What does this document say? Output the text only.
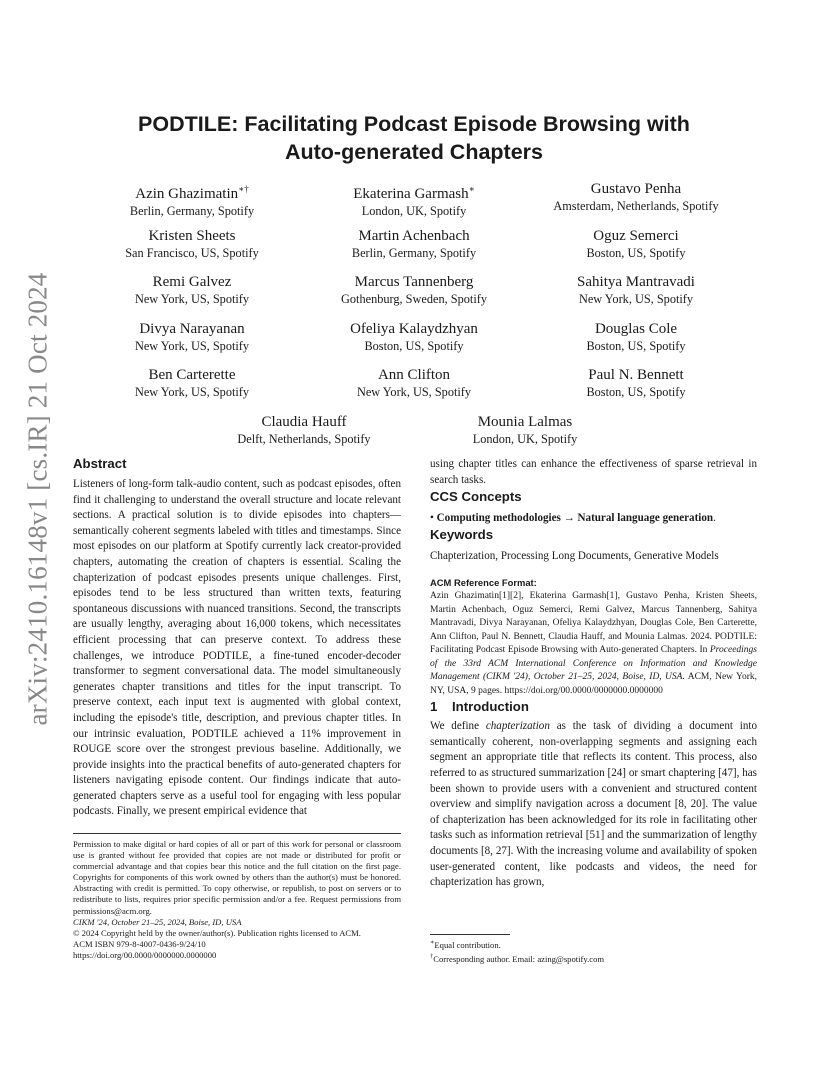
arXiv:2410.16148v1 [cs.IR] 21 Oct 2024
PODTILE: Facilitating Podcast Episode Browsing with
Auto-generated Chapters
Azin Ghazimatin∗†
Berlin, Germany, Spotify
Ekaterina Garmash∗
London, UK, Spotify
Gustavo Penha
Amsterdam, Netherlands, Spotify
Kristen Sheets
San Francisco, US, Spotify
Martin Achenbach
Berlin, Germany, Spotify
Oguz Semerci
Boston, US, Spotify
Remi Galvez
New York, US, Spotify
Marcus Tannenberg
Gothenburg, Sweden, Spotify
Sahitya Mantravadi
New York, US, Spotify
Divya Narayanan
New York, US, Spotify
Ofeliya Kalaydzhyan
Boston, US, Spotify
Douglas Cole
Boston, US, Spotify
Ben Carterette
New York, US, Spotify
Ann Clifton
New York, US, Spotify
Paul N. Bennett
Boston, US, Spotify
Claudia Hauff
Delft, Netherlands, Spotify
Mounia Lalmas
London, UK, Spotify
Abstract

Listeners of long-form talk-audio content, such as podcast episodes, often find it challenging to understand the overall structure and locate relevant sections. A practical solution is to divide episodes into chapters—semantically coherent segments labeled with titles and timestamps. Since most episodes on our platform at Spotify currently lack creator-provided chapters, automating the creation of chapters is essential. Scaling the chapterization of podcast episodes presents unique challenges. First, episodes tend to be less structured than written texts, featuring spontaneous discussions with nuanced transitions. Second, the transcripts are usually lengthy, averaging about 16,000 tokens, which necessitates efficient processing that can preserve context. To address these challenges, we introduce PODTILE, a fine-tuned encoder-decoder transformer to segment conversational data. The model simultaneously generates chapter transitions and titles for the input transcript. To preserve context, each input text is augmented with global context, including the episode's title, description, and previous chapter titles. In our intrinsic evaluation, PODTILE achieved a 11% improvement in ROUGE score over the strongest previous baseline. Additionally, we provide insights into the practical benefits of auto-generated chapters for listeners navigating episode content. Our findings indicate that auto-generated chapters serve as a useful tool for engaging with less popular podcasts. Finally, we present empirical evidence that

Permission to make digital or hard copies of all or part of this work for personal or classroom use is granted without fee provided that copies are not made or distributed for profit or commercial advantage and that copies bear this notice and the full citation on the first page. Copyrights for components of this work owned by others than the author(s) must be honored. Abstracting with credit is permitted. To copy otherwise, or republish, to post on servers or to redistribute to lists, requires prior specific permission and/or a fee. Request permissions from permissions@acm.org.

CIKM '24, October 21–25, 2024, Boise, ID, USA

© 2024 Copyright held by the owner/author(s). Publication rights licensed to ACM.

ACM ISBN 979-8-4007-0436-9/24/10

https://doi.org/00.0000/0000000.0000000

using chapter titles can enhance the effectiveness of sparse retrieval in search tasks.

CCS Concepts

• Computing methodologies → Natural language generation.

Keywords

Chapterization, Processing Long Documents, Generative Models

ACM Reference Format:

Azin Ghazimatin[1][2], Ekaterina Garmash[1], Gustavo Penha, Kristen Sheets, Martin Achenbach, Oguz Semerci, Remi Galvez, Marcus Tannenberg, Sahitya Mantravadi, Divya Narayanan, Ofeliya Kalaydzhyan, Douglas Cole, Ben Carterette, Ann Clifton, Paul N. Bennett, Claudia Hauff, and Mounia Lalmas. 2024. PODTILE: Facilitating Podcast Episode Browsing with Auto-generated Chapters. In Proceedings of the 33rd ACM International Conference on Information and Knowledge Management (CIKM '24), October 21–25, 2024, Boise, ID, USA. ACM, New York, NY, USA, 9 pages. https://doi.org/00.0000/0000000.0000000

1 Introduction

We define chapterization as the task of dividing a document into semantically coherent, non-overlapping segments and assigning each segment an appropriate title that reflects its content. This process, also referred to as structured summarization [24] or smart chaptering [47], has been shown to provide users with a convenient and structured content overview and simplify navigation across a document [8, 20]. The value of chapterization has been acknowledged for its role in facilitating other tasks such as information retrieval [51] and the summarization of lengthy documents [8, 27]. With the increasing volume and availability of spoken user-generated content, like podcasts and videos, the need for chapterization has grown,

∗Equal contribution.

†Corresponding author. Email: azing@spotify.com
